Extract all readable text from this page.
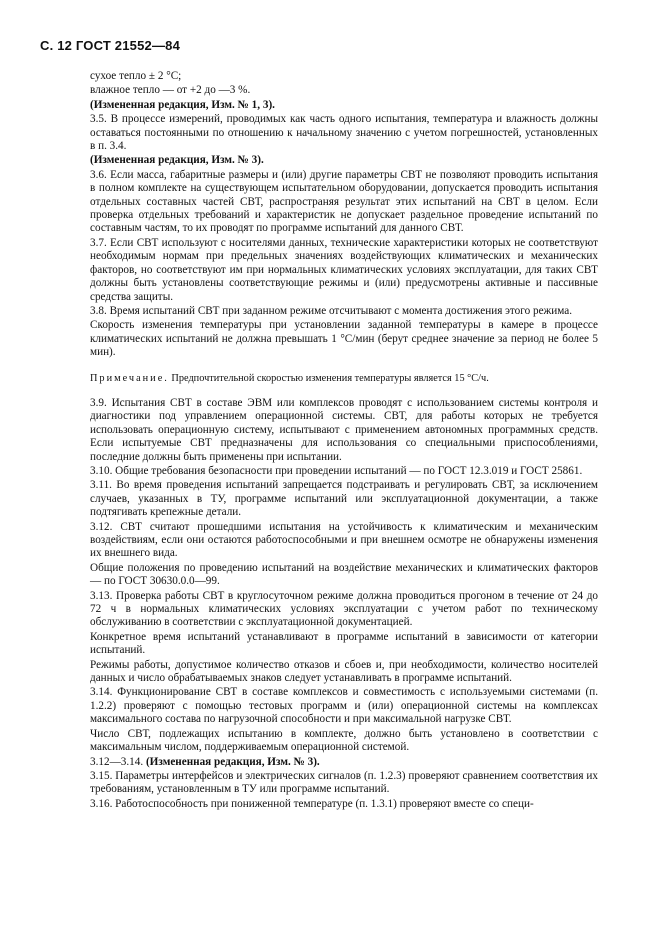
С. 12 ГОСТ 21552—84

сухое тепло ± 2 °С;

влажное тепло — от +2 до —3 %.

(Измененная редакция, Изм. № 1, 3).

3.5. В процессе измерений, проводимых как часть одного испытания, температура и влажность должны оставаться постоянными по отношению к начальному значению с учетом погрешностей, установленных в п. 3.4.

(Измененная редакция, Изм. № 3).

3.6. Если масса, габаритные размеры и (или) другие параметры СВТ не позволяют проводить испытания в полном комплекте на существующем испытательном оборудовании, допускается проводить испытания отдельных составных частей СВТ, распространяя результат этих испытаний на СВТ в целом. Если проверка отдельных требований и характеристик не допускает раздельное проведение испытаний по составным частям, то их проводят по программе испытаний для данного СВТ.

3.7. Если СВТ используют с носителями данных, технические характеристики которых не соответствуют необходимым нормам при предельных значениях воздействующих климатических и механических факторов, но соответствуют им при нормальных климатических условиях эксплуатации, для таких СВТ должны быть установлены соответствующие режимы и (или) предусмотрены активные и пассивные средства защиты.

3.8. Время испытаний СВТ при заданном режиме отсчитывают с момента достижения этого режима.

Скорость изменения температуры при установлении заданной температуры в камере в процессе климатических испытаний не должна превышать 1 °С/мин (берут среднее значение за период не более 5 мин).

Примечание. Предпочтительной скоростью изменения температуры является 15 °С/ч.

3.9. Испытания СВТ в составе ЭВМ или комплексов проводят с использованием системы контроля и диагностики под управлением операционной системы. СВТ, для работы которых не требуется использовать операционную систему, испытывают с применением автономных программных средств. Если испытуемые СВТ предназначены для использования со специальными приспособлениями, последние должны быть применены при испытании.

3.10. Общие требования безопасности при проведении испытаний — по ГОСТ 12.3.019 и ГОСТ 25861.

3.11. Во время проведения испытаний запрещается подстраивать и регулировать СВТ, за исключением случаев, указанных в ТУ, программе испытаний или эксплуатационной документации, а также подтягивать крепежные детали.

3.12. СВТ считают прошедшими испытания на устойчивость к климатическим и механическим воздействиям, если они остаются работоспособными и при внешнем осмотре не обнаружены изменения их внешнего вида.

Общие положения по проведению испытаний на воздействие механических и климатических факторов — по ГОСТ 30630.0.0—99.

3.13. Проверка работы СВТ в круглосуточном режиме должна проводиться прогоном в течение от 24 до 72 ч в нормальных климатических условиях эксплуатации с учетом работ по техническому обслуживанию в соответствии с эксплуатационной документацией.

Конкретное время испытаний устанавливают в программе испытаний в зависимости от категории испытаний.

Режимы работы, допустимое количество отказов и сбоев и, при необходимости, количество носителей данных и число обрабатываемых знаков следует устанавливать в программе испытаний.

3.14. Функционирование СВТ в составе комплексов и совместимость с используемыми системами (п. 1.2.2) проверяют с помощью тестовых программ и (или) операционной системы на комплексах максимального состава по нагрузочной способности и при максимальной нагрузке СВТ.

Число СВТ, подлежащих испытанию в комплекте, должно быть установлено в соответствии с максимальным числом, поддерживаемым операционной системой.

3.12—3.14. (Измененная редакция, Изм. № 3).

3.15. Параметры интерфейсов и электрических сигналов (п. 1.2.3) проверяют сравнением соответствия их требованиям, установленным в ТУ или программе испытаний.

3.16. Работоспособность при пониженной температуре (п. 1.3.1) проверяют вместе со специ-
